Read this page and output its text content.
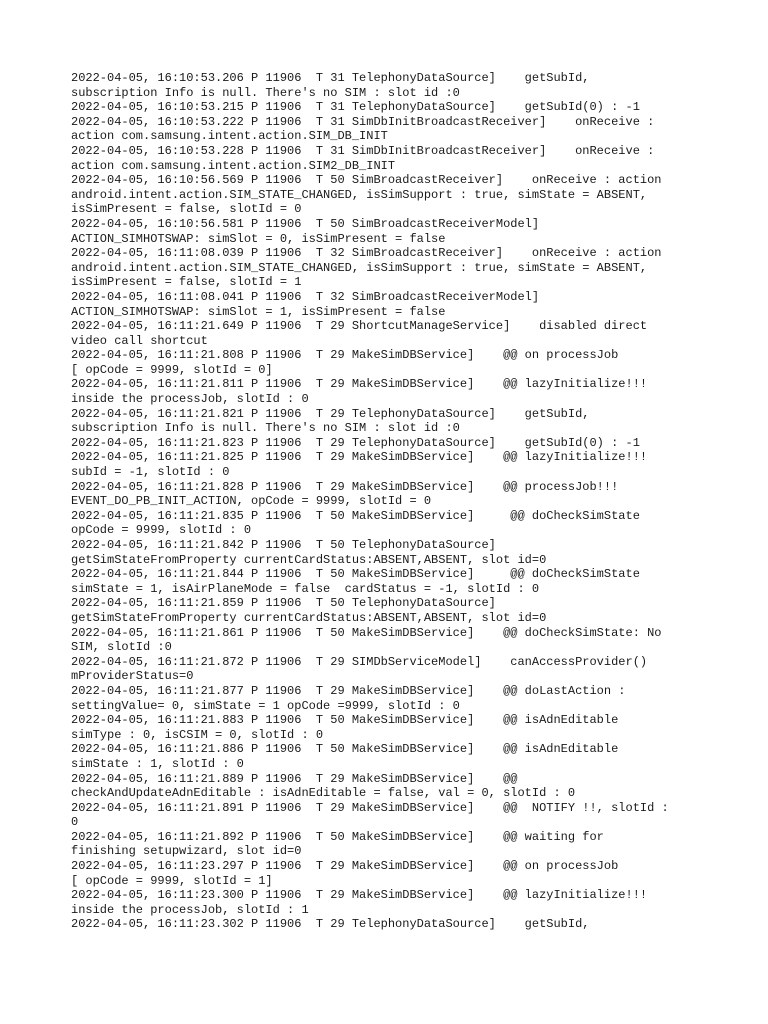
2022-04-05, 16:10:53.206 P 11906  T 31 TelephonyDataSource]    getSubId,
subscription Info is null. There's no SIM : slot id :0
2022-04-05, 16:10:53.215 P 11906  T 31 TelephonyDataSource]    getSubId(0) : -1
2022-04-05, 16:10:53.222 P 11906  T 31 SimDbInitBroadcastReceiver]    onReceive :
action com.samsung.intent.action.SIM_DB_INIT
2022-04-05, 16:10:53.228 P 11906  T 31 SimDbInitBroadcastReceiver]    onReceive :
action com.samsung.intent.action.SIM2_DB_INIT
2022-04-05, 16:10:56.569 P 11906  T 50 SimBroadcastReceiver]    onReceive : action
android.intent.action.SIM_STATE_CHANGED, isSimSupport : true, simState = ABSENT,
isSimPresent = false, slotId = 0
2022-04-05, 16:10:56.581 P 11906  T 50 SimBroadcastReceiverModel]
ACTION_SIMHOTSWAP: simSlot = 0, isSimPresent = false
2022-04-05, 16:11:08.039 P 11906  T 32 SimBroadcastReceiver]    onReceive : action
android.intent.action.SIM_STATE_CHANGED, isSimSupport : true, simState = ABSENT,
isSimPresent = false, slotId = 1
2022-04-05, 16:11:08.041 P 11906  T 32 SimBroadcastReceiverModel]
ACTION_SIMHOTSWAP: simSlot = 1, isSimPresent = false
2022-04-05, 16:11:21.649 P 11906  T 29 ShortcutManageService]    disabled direct
video call shortcut
2022-04-05, 16:11:21.808 P 11906  T 29 MakeSimDBService]    @@ on processJob
[ opCode = 9999, slotId = 0]
2022-04-05, 16:11:21.811 P 11906  T 29 MakeSimDBService]    @@ lazyInitialize!!!
inside the processJob, slotId : 0
2022-04-05, 16:11:21.821 P 11906  T 29 TelephonyDataSource]    getSubId,
subscription Info is null. There's no SIM : slot id :0
2022-04-05, 16:11:21.823 P 11906  T 29 TelephonyDataSource]    getSubId(0) : -1
2022-04-05, 16:11:21.825 P 11906  T 29 MakeSimDBService]    @@ lazyInitialize!!!
subId = -1, slotId : 0
2022-04-05, 16:11:21.828 P 11906  T 29 MakeSimDBService]    @@ processJob!!!
EVENT_DO_PB_INIT_ACTION, opCode = 9999, slotId = 0
2022-04-05, 16:11:21.835 P 11906  T 50 MakeSimDBService]     @@ doCheckSimState
opCode = 9999, slotId : 0
2022-04-05, 16:11:21.842 P 11906  T 50 TelephonyDataSource]
getSimStateFromProperty currentCardStatus:ABSENT,ABSENT, slot id=0
2022-04-05, 16:11:21.844 P 11906  T 50 MakeSimDBService]     @@ doCheckSimState
simState = 1, isAirPlaneMode = false  cardStatus = -1, slotId : 0
2022-04-05, 16:11:21.859 P 11906  T 50 TelephonyDataSource]
getSimStateFromProperty currentCardStatus:ABSENT,ABSENT, slot id=0
2022-04-05, 16:11:21.861 P 11906  T 50 MakeSimDBService]    @@ doCheckSimState: No
SIM, slotId :0
2022-04-05, 16:11:21.872 P 11906  T 29 SIMDbServiceModel]    canAccessProvider()
mProviderStatus=0
2022-04-05, 16:11:21.877 P 11906  T 29 MakeSimDBService]    @@ doLastAction :
settingValue= 0, simState = 1 opCode =9999, slotId : 0
2022-04-05, 16:11:21.883 P 11906  T 50 MakeSimDBService]    @@ isAdnEditable
simType : 0, isCSIM = 0, slotId : 0
2022-04-05, 16:11:21.886 P 11906  T 50 MakeSimDBService]    @@ isAdnEditable
simState : 1, slotId : 0
2022-04-05, 16:11:21.889 P 11906  T 29 MakeSimDBService]    @@
checkAndUpdateAdnEditable : isAdnEditable = false, val = 0, slotId : 0
2022-04-05, 16:11:21.891 P 11906  T 29 MakeSimDBService]    @@  NOTIFY !!, slotId :
0
2022-04-05, 16:11:21.892 P 11906  T 50 MakeSimDBService]    @@ waiting for
finishing setupwizard, slot id=0
2022-04-05, 16:11:23.297 P 11906  T 29 MakeSimDBService]    @@ on processJob
[ opCode = 9999, slotId = 1]
2022-04-05, 16:11:23.300 P 11906  T 29 MakeSimDBService]    @@ lazyInitialize!!!
inside the processJob, slotId : 1
2022-04-05, 16:11:23.302 P 11906  T 29 TelephonyDataSource]    getSubId,
